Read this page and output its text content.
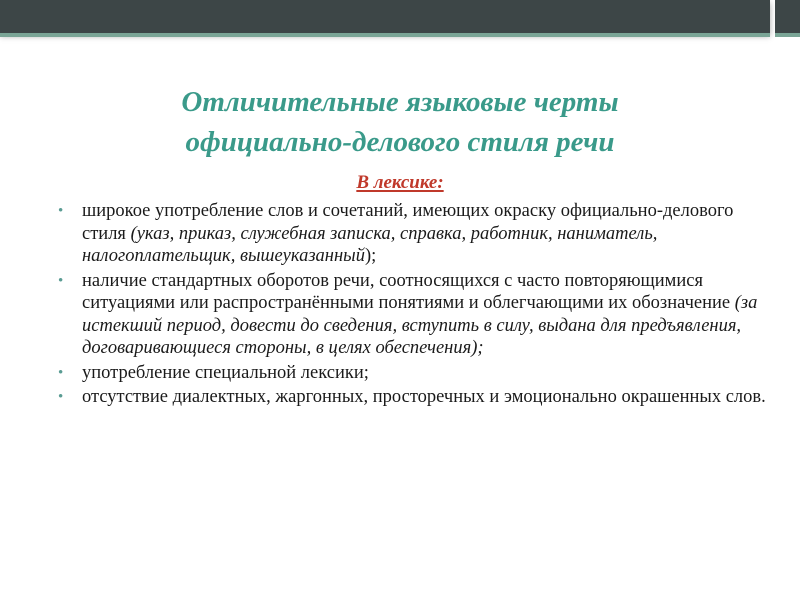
Отличительные языковые черты
официально-делового стиля речи
В лексике:
• широкое употребление слов и сочетаний, имеющих окраску официально-делового стиля (указ, приказ, служебная записка, справка, работник, наниматель, налогоплательщик, вышеуказанный);
• наличие стандартных оборотов речи, соотносящихся с часто повторяющимися ситуациями или распространёнными понятиями и облегчающими их обозначение (за истекший период, довести до сведения, вступить в силу, выдана для предъявления, договаривающиеся стороны, в целях обеспечения);
• употребление специальной лексики;
• отсутствие диалектных, жаргонных, просторечных и эмоционально окрашенных слов.
